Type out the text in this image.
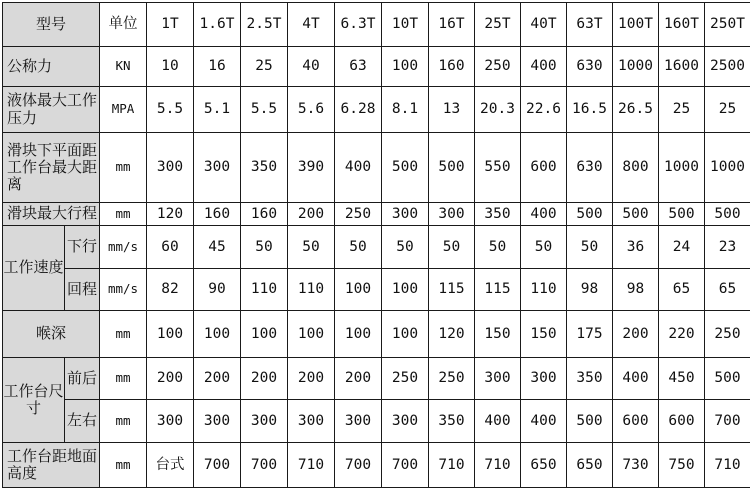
型号		单位	1T	1.6T	2.5T	4T	6.3T	10T	16T	25T	40T	63T	100T	160T	250T
公称力		KN	10	16	25	40	63	100	160	250	400	630	1000	1600	2500
液体最大工作压力		MPA	5.5	5.1	5.5	5.6	6.28	8.1	13	20.3	22.6	16.5	26.5	25	25
滑块下平面距工作台最大距离		mm	300	300	350	390	400	500	500	550	600	630	800	1000	1000
滑块最大行程		mm	120	160	160	200	250	300	300	350	400	500	500	500	500
工作速度	下行	mm/s	60	45	50	50	50	50	50	50	50	50	36	24	23
	回程	mm/s	82	90	110	110	100	100	115	115	110	98	98	65	65
喉深		mm	100	100	100	100	100	100	120	150	150	175	200	220	250
工作台尺寸	前后	mm	200	200	200	200	200	250	250	300	300	350	400	450	500
	左右	mm	300	300	300	300	300	300	350	400	400	500	600	600	700
工作台距地面高度		mm	台式	700	700	710	700	700	710	710	650	650	730	750	710
